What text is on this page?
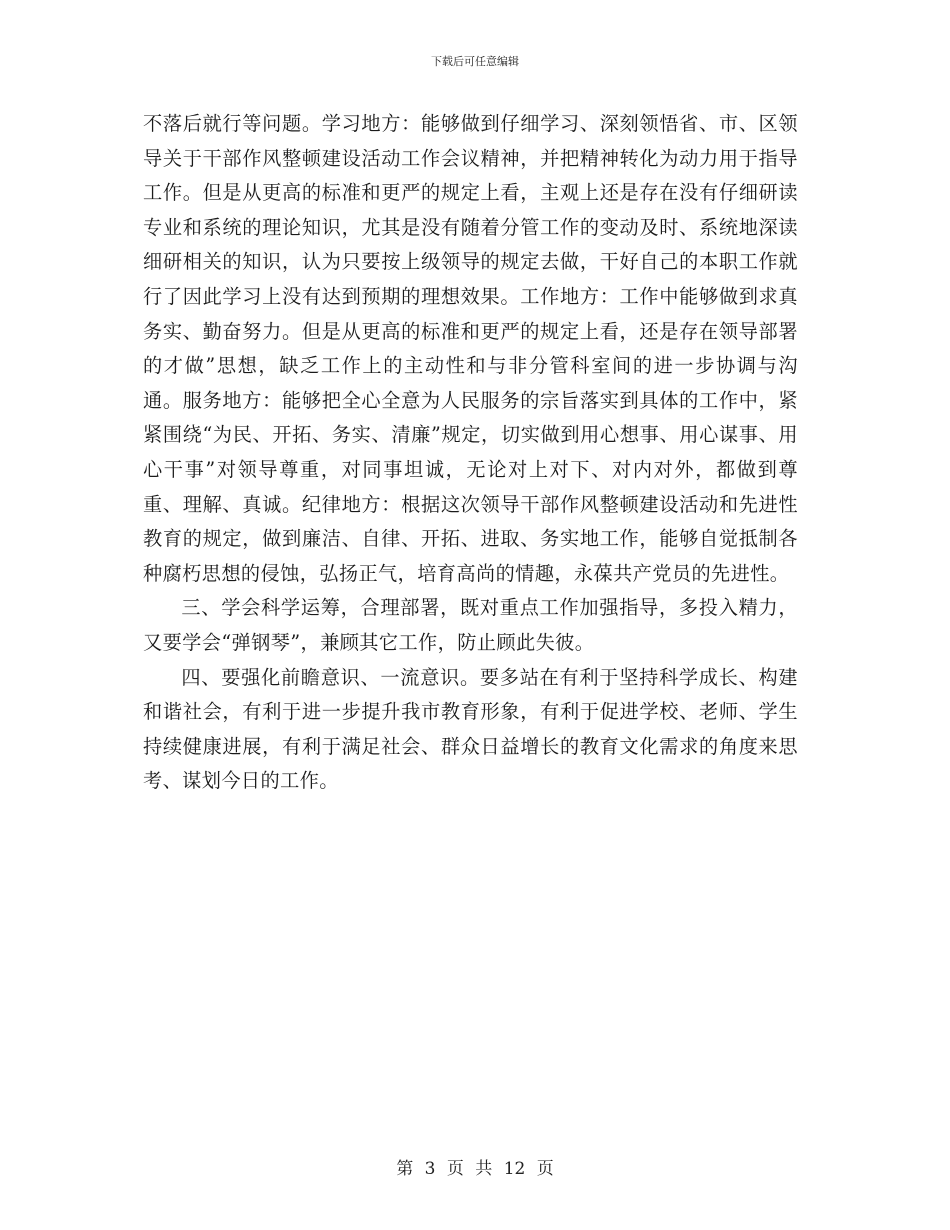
下载后可任意编辑

不落后就行等问题。学习地方：能够做到仔细学习、深刻领悟省、市、区领导关于干部作风整顿建设活动工作会议精神，并把精神转化为动力用于指导工作。但是从更高的标准和更严的规定上看，主观上还是存在没有仔细研读专业和系统的理论知识，尤其是没有随着分管工作的变动及时、系统地深读细研相关的知识，认为只要按上级领导的规定去做，干好自己的本职工作就行了因此学习上没有达到预期的理想效果。工作地方：工作中能够做到求真务实、勤奋努力。但是从更高的标准和更严的规定上看，还是存在领导部署的才做”思想，缺乏工作上的主动性和与非分管科室间的进一步协调与沟通。服务地方：能够把全心全意为人民服务的宗旨落实到具体的工作中，紧紧围绕“为民、开拓、务实、清廉”规定，切实做到用心想事、用心谋事、用心干事”对领导尊重，对同事坦诚，无论对上对下、对内对外，都做到尊重、理解、真诚。纪律地方：根据这次领导干部作风整顿建设活动和先进性教育的规定，做到廉洁、自律、开拓、进取、务实地工作，能够自觉抵制各种腐朽思想的侵蚀，弘扬正气，培育高尚的情趣，永葆共产党员的先进性。

三、学会科学运筹，合理部署，既对重点工作加强指导，多投入精力，又要学会“弹钢琴”，兼顾其它工作，防止顾此失彼。

四、要强化前瞻意识、一流意识。要多站在有利于坚持科学成长、构建和谐社会，有利于进一步提升我市教育形象，有利于促进学校、老师、学生持续健康进展，有利于满足社会、群众日益增长的教育文化需求的角度来思考、谋划今日的工作。

第 3 页 共 12 页
